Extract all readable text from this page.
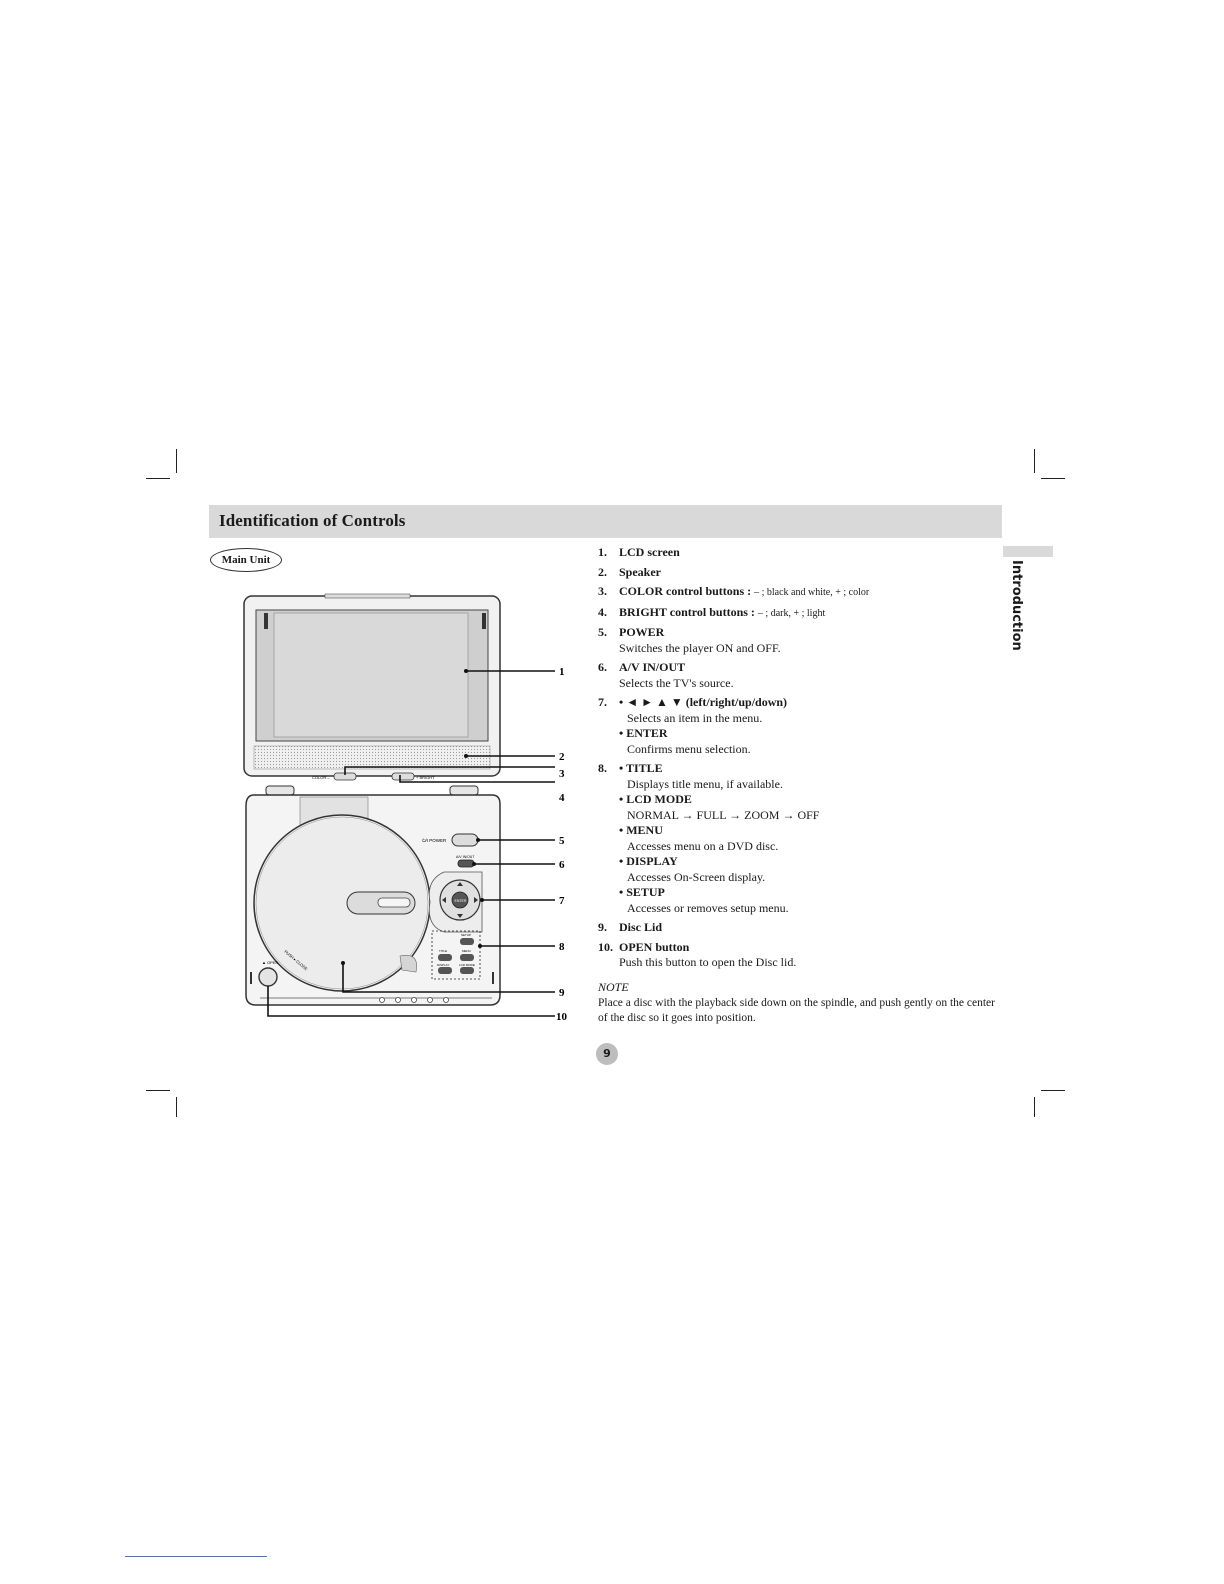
Identification of Controls
Introduction
Main Unit
COLOR –	+ BRIGHT
ENTER
⏻/I POWER
A/V IN/OUT
SETUP
TITLE	MENU
DISPLAY	LCD MODE
▲ OPEN PUSH ▸ CLOSE
1
2
3
4
5
6
7
8
9
10
1. LCD screen
2. Speaker
3. COLOR control buttons : – ; black and white, + ; color
4. BRIGHT control buttons : – ; dark, + ; light
5. POWER
Switches the player ON and OFF.
6. A/V IN/OUT
Selects the TV's source.
7. • ◄ ► ▲ ▼ (left/right/up/down)
Selects an item in the menu.
• ENTER
Confirms menu selection.
8. • TITLE
Displays title menu, if available.
• LCD MODE
NORMAL → FULL → ZOOM → OFF
• MENU
Accesses menu on a DVD disc.
• DISPLAY
Accesses On-Screen display.
• SETUP
Accesses or removes setup menu.
9. Disc Lid
10. OPEN button
Push this button to open the Disc lid.
NOTE
Place a disc with the playback side down on the spindle, and push gently on the center of the disc so it goes into position.
9
